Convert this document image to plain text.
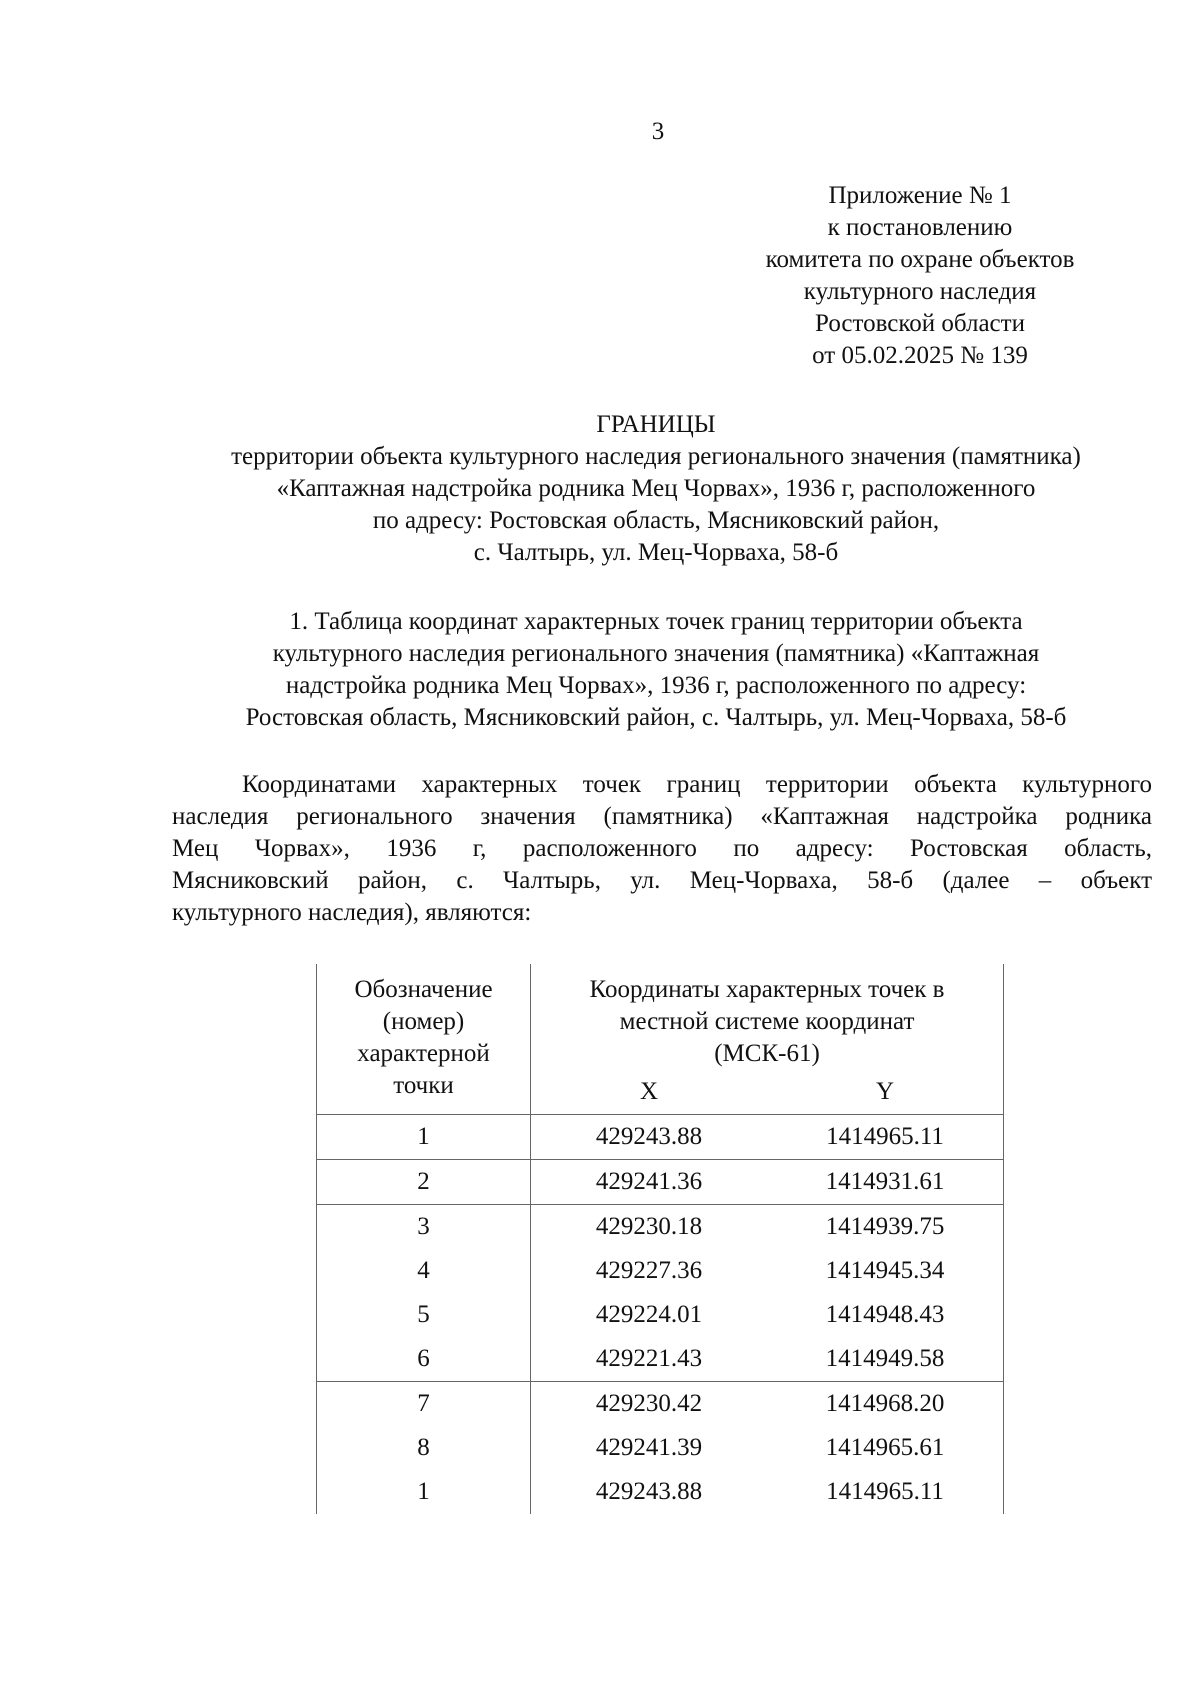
3
Приложение № 1
к постановлению
комитета по охране объектов
культурного наследия
Ростовской области
от 05.02.2025 № 139
ГРАНИЦЫ
территории объекта культурного наследия регионального значения (памятника)
«Каптажная надстройка родника Мец Чорвах», 1936 г, расположенного
по адресу: Ростовская область, Мясниковский район,
с. Чалтырь, ул. Мец-Чорваха, 58-б
1. Таблица координат характерных точек границ территории объекта
культурного наследия регионального значения (памятника) «Каптажная
надстройка родника Мец Чорвах», 1936 г, расположенного по адресу:
Ростовская область, Мясниковский район, с. Чалтырь, ул. Мец-Чорваха, 58-б
Координатами характерных точек границ территории объекта культурного
наследия регионального значения (памятника) «Каптажная надстройка родника
Мец Чорвах», 1936 г, расположенного по адресу: Ростовская область,
Мясниковский район, с. Чалтырь, ул. Мец-Чорваха, 58-б (далее – объект
культурного наследия), являются:
Обозначение (номер) характерной точки	Координаты характерных точек в местной системе координат (МСК-61)	

	X	Y
1	429243.88	1414965.11
2	429241.36	1414931.61
3	429230.18	1414939.75
4	429227.36	1414945.34
5	429224.01	1414948.43
6	429221.43	1414949.58
7	429230.42	1414968.20
8	429241.39	1414965.61
1	429243.88	1414965.11
